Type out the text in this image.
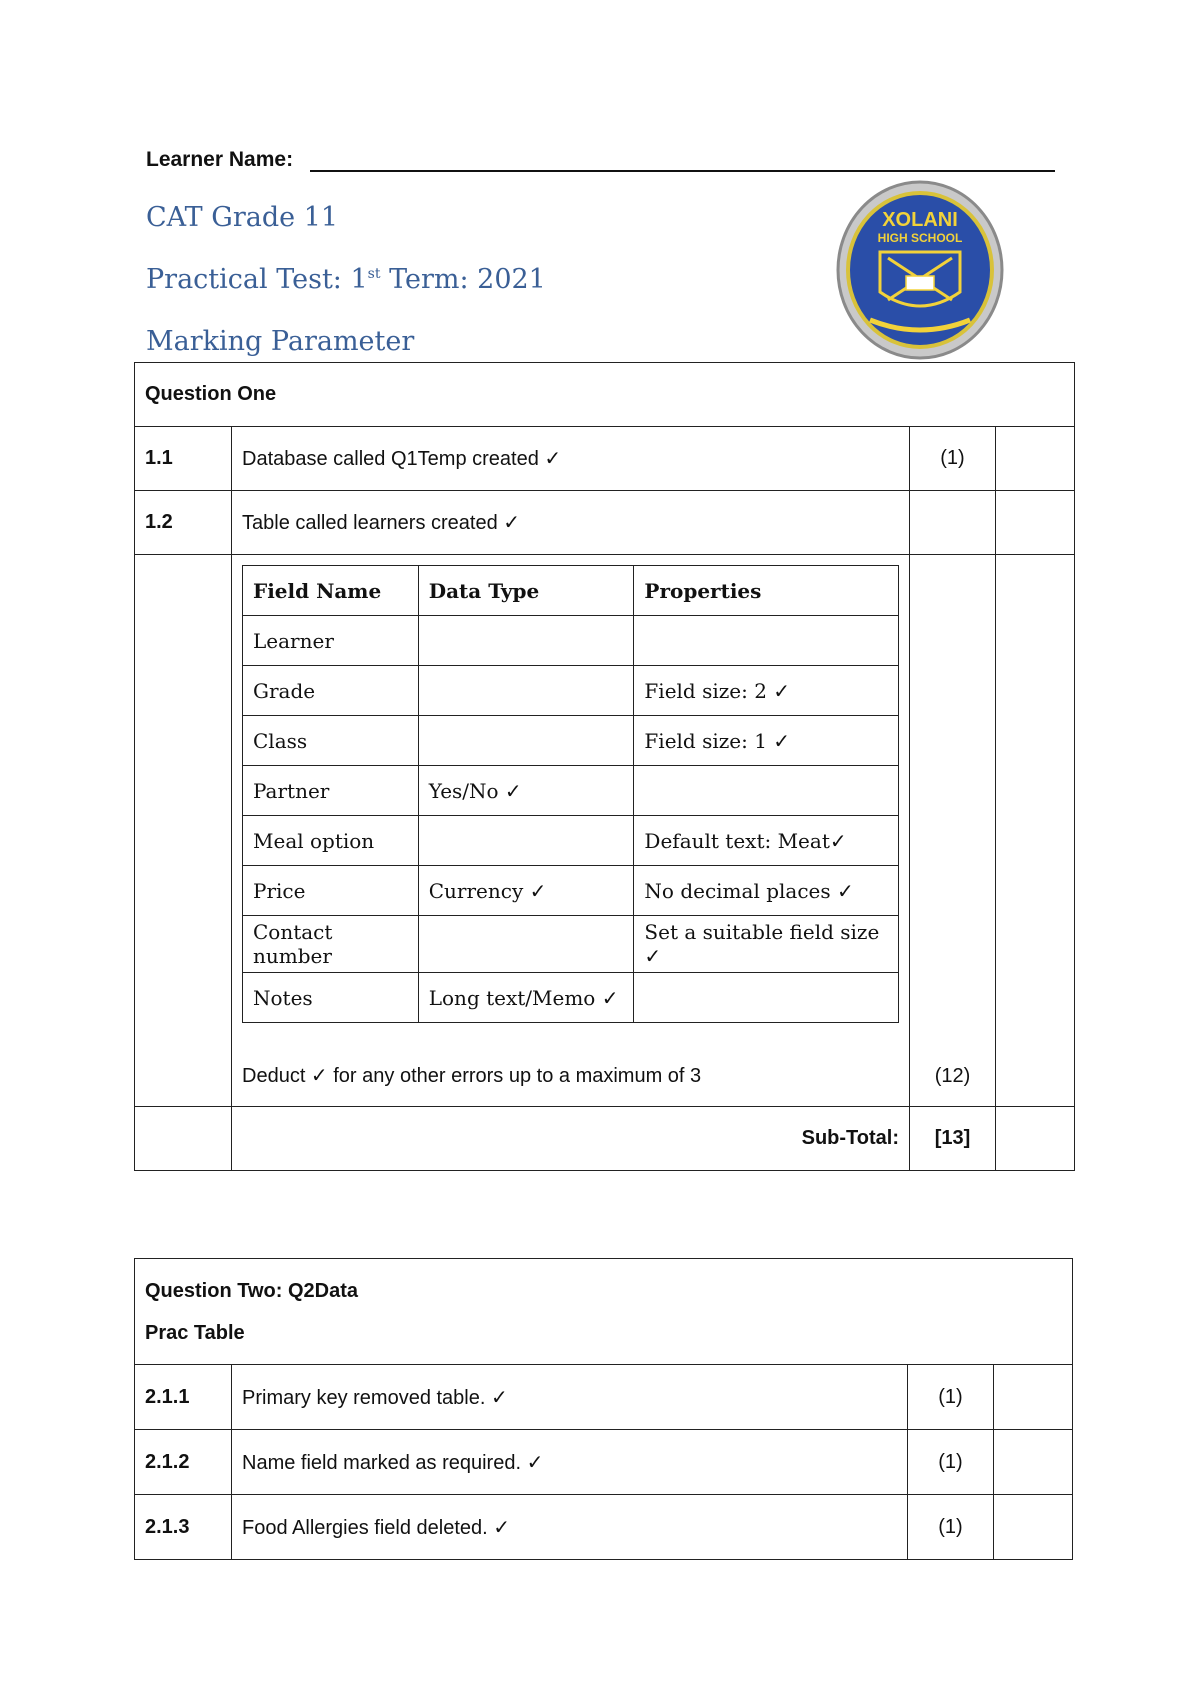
Learner Name:
CAT Grade 11
Practical Test: 1st Term: 2021
Marking Parameter
XOLANI
HIGH SCHOOL
Question One
1.1	Database called Q1Temp created ✓	(1)	
1.2	Table called learners created ✓		

Field Name	Data Type	Properties
Learner		
Grade		Field size: 2 ✓
Class		Field size: 1 ✓
Partner	Yes/No ✓	
Meal option		Default text: Meat✓
Price	Currency ✓	No decimal places ✓
Contact number		Set a suitable field size ✓
Notes	Long text/Memo ✓	
Deduct ✓ for any other errors up to a maximum of 3	(12)	
	Sub-Total:	[13]	
Question Two: Q2Data
Prac Table			

2.1.1	Primary key removed table. ✓	(1)	
2.1.2	Name field marked as required. ✓	(1)	
2.1.3	Food Allergies field deleted. ✓	(1)	
